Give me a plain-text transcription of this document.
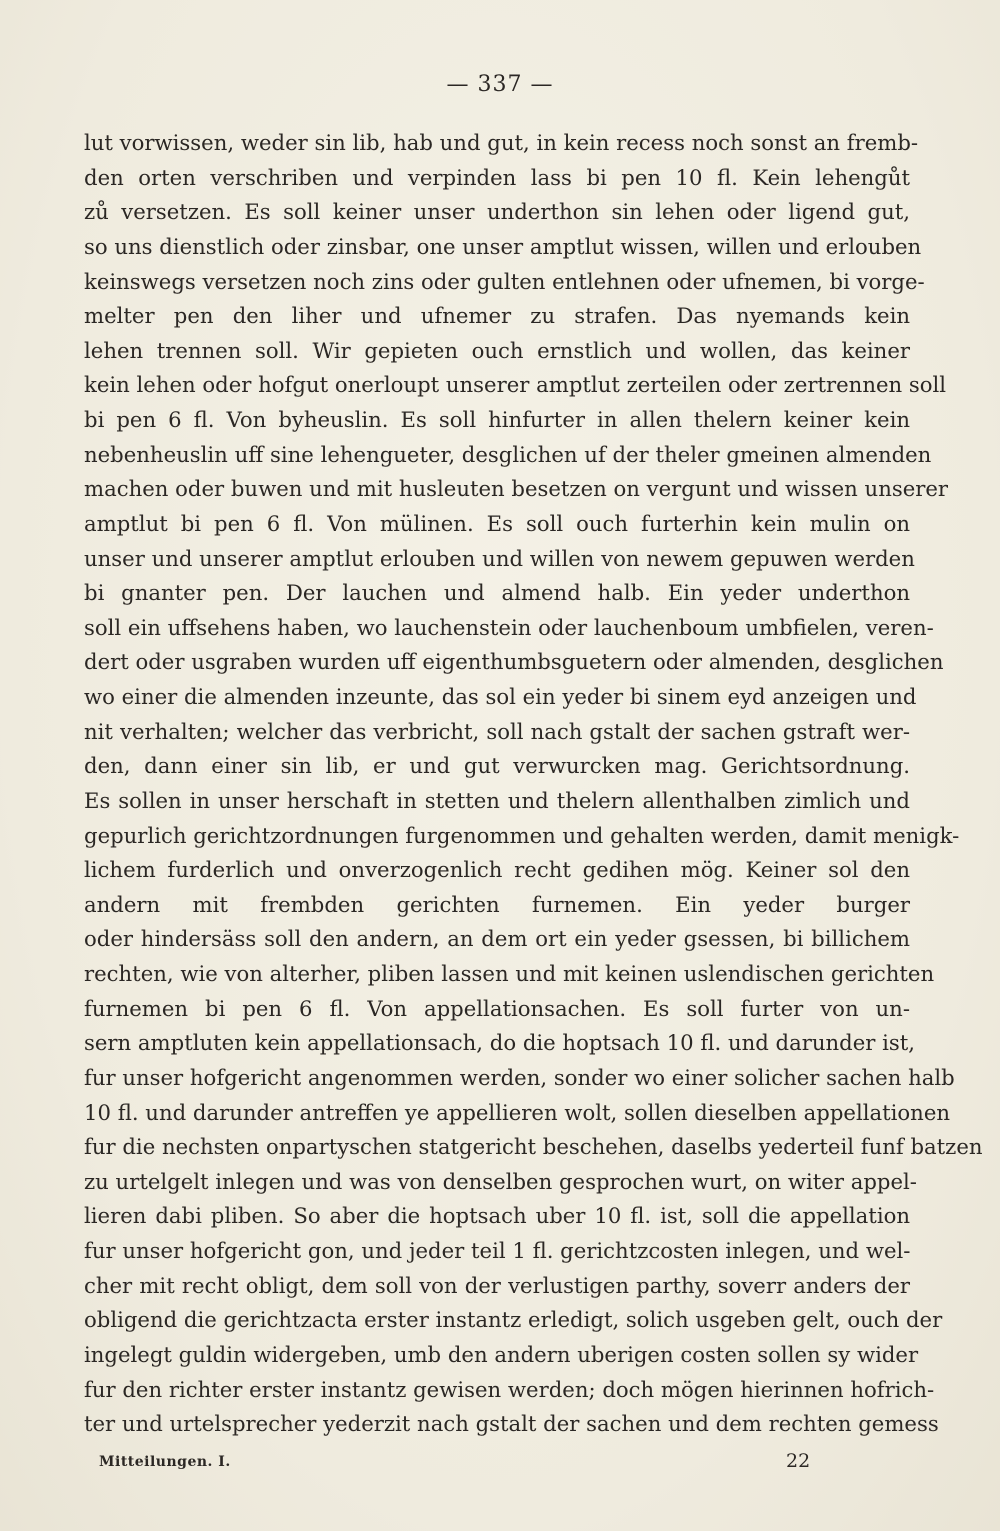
— 337 —
lut vorwissen, weder sin lib, hab und gut, in kein recess noch sonst an fremb-
den orten verschriben und verpinden lass bi pen 10 fl. Kein lehengůt
zů versetzen. Es soll keiner unser underthon sin lehen oder ligend gut,
so uns dienstlich oder zinsbar, one unser amptlut wissen, willen und erlouben
keinswegs versetzen noch zins oder gulten entlehnen oder ufnemen, bi vorge-
melter pen den liher und ufnemer zu strafen. Das nyemands kein
lehen trennen soll. Wir gepieten ouch ernstlich und wollen, das keiner
kein lehen oder hofgut onerloupt unserer amptlut zerteilen oder zertrennen soll
bi pen 6 fl. Von byheuslin. Es soll hinfurter in allen thelern keiner kein
nebenheuslin uff sine lehengueter, desglichen uf der theler gmeinen almenden
machen oder buwen und mit husleuten besetzen on vergunt und wissen unserer
amptlut bi pen 6 fl. Von mülinen. Es soll ouch furterhin kein mulin on
unser und unserer amptlut erlouben und willen von newem gepuwen werden
bi gnanter pen. Der lauchen und almend halb. Ein yeder underthon
soll ein uffsehens haben, wo lauchenstein oder lauchenboum umbfielen, veren-
dert oder usgraben wurden uff eigenthumbsguetern oder almenden, desglichen
wo einer die almenden inzeunte, das sol ein yeder bi sinem eyd anzeigen und
nit verhalten; welcher das verbricht, soll nach gstalt der sachen gstraft wer-
den, dann einer sin lib, er und gut verwurcken mag. Gerichtsordnung.
Es sollen in unser herschaft in stetten und thelern allenthalben zimlich und
gepurlich gerichtzordnungen furgenommen und gehalten werden, damit menigk-
lichem furderlich und onverzogenlich recht gedihen mög. Keiner sol den
andern mit frembden gerichten furnemen. Ein yeder burger
oder hindersäss soll den andern, an dem ort ein yeder gsessen, bi billichem
rechten, wie von alterher, pliben lassen und mit keinen uslendischen gerichten
furnemen bi pen 6 fl. Von appellationsachen. Es soll furter von un-
sern amptluten kein appellationsach, do die hoptsach 10 fl. und darunder ist,
fur unser hofgericht angenommen werden, sonder wo einer solicher sachen halb
10 fl. und darunder antreffen ye appellieren wolt, sollen dieselben appellationen
fur die nechsten onpartyschen statgericht beschehen, daselbs yederteil funf batzen
zu urtelgelt inlegen und was von denselben gesprochen wurt, on witer appel-
lieren dabi pliben. So aber die hoptsach uber 10 fl. ist, soll die appellation
fur unser hofgericht gon, und jeder teil 1 fl. gerichtzcosten inlegen, und wel-
cher mit recht obligt, dem soll von der verlustigen parthy, soverr anders der
obligend die gerichtzacta erster instantz erledigt, solich usgeben gelt, ouch der
ingelegt guldin widergeben, umb den andern uberigen costen sollen sy wider
fur den richter erster instantz gewisen werden; doch mögen hierinnen hofrich-
ter und urtelsprecher yederzit nach gstalt der sachen und dem rechten gemess
Mitteilungen. I.	22
